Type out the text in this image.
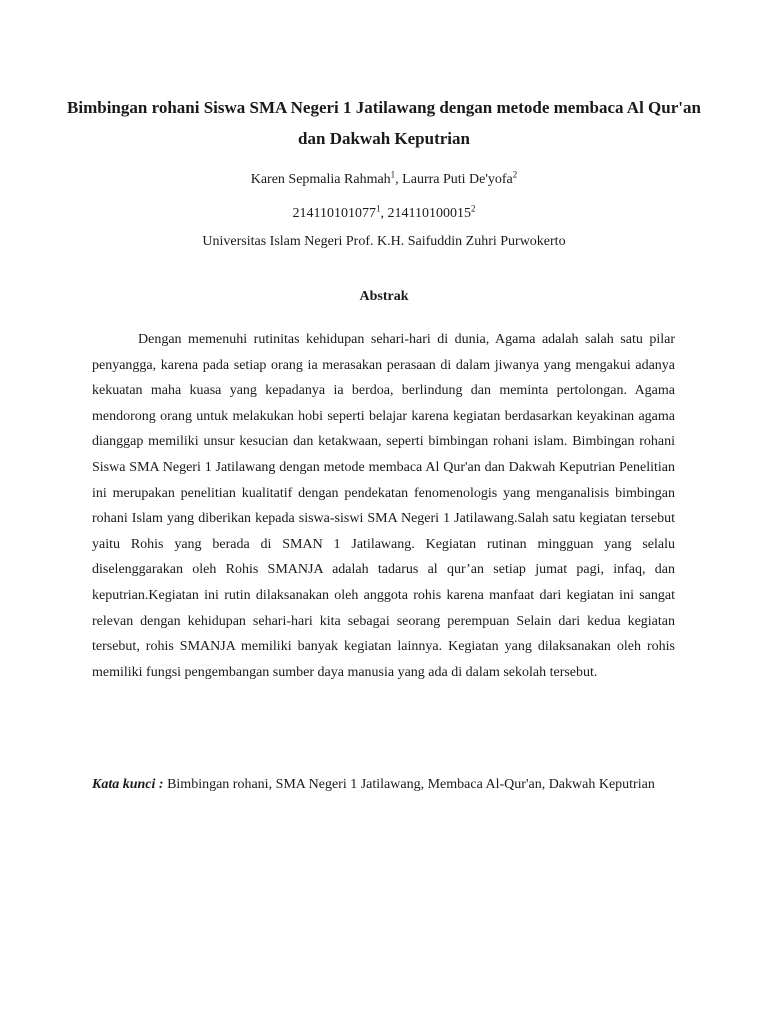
Bimbingan rohani Siswa SMA Negeri 1 Jatilawang dengan metode membaca Al Qur'an dan Dakwah Keputrian

Karen Sepmalia Rahmah$^1$, Laurra Puti De'yofa$^2$

214110101077$^1$, 214110100015$^2$

Universitas Islam Negeri Prof. K.H. Saifuddin Zuhri Purwokerto

Abstrak

Dengan memenuhi rutinitas kehidupan sehari-hari di dunia, Agama adalah salah satu pilar penyangga, karena pada setiap orang ia merasakan perasaan di dalam jiwanya yang mengakui adanya kekuatan maha kuasa yang kepadanya ia berdoa, berlindung dan meminta pertolongan. Agama mendorong orang untuk melakukan hobi seperti belajar karena kegiatan berdasarkan keyakinan agama dianggap memiliki unsur kesucian dan ketakwaan, seperti bimbingan rohani islam. Bimbingan rohani Siswa SMA Negeri 1 Jatilawang dengan metode membaca Al Qur'an dan Dakwah Keputrian Penelitian ini merupakan penelitian kualitatif dengan pendekatan fenomenologis yang menganalisis bimbingan rohani Islam yang diberikan kepada siswa-siswi SMA Negeri 1 Jatilawang.Salah satu kegiatan tersebut yaitu Rohis yang berada di SMAN 1 Jatilawang. Kegiatan rutinan mingguan yang selalu diselenggarakan oleh Rohis SMANJA adalah tadarus al qur’an setiap jumat pagi, infaq, dan keputrian.Kegiatan ini rutin dilaksanakan oleh anggota rohis karena manfaat dari kegiatan ini sangat relevan dengan kehidupan sehari-hari kita sebagai seorang perempuan Selain dari kedua kegiatan tersebut, rohis SMANJA memiliki banyak kegiatan lainnya. Kegiatan yang dilaksanakan oleh rohis memiliki fungsi pengembangan sumber daya manusia yang ada di dalam sekolah tersebut.

Kata kunci : Bimbingan rohani, SMA Negeri 1 Jatilawang, Membaca Al-Qur'an, Dakwah Keputrian
